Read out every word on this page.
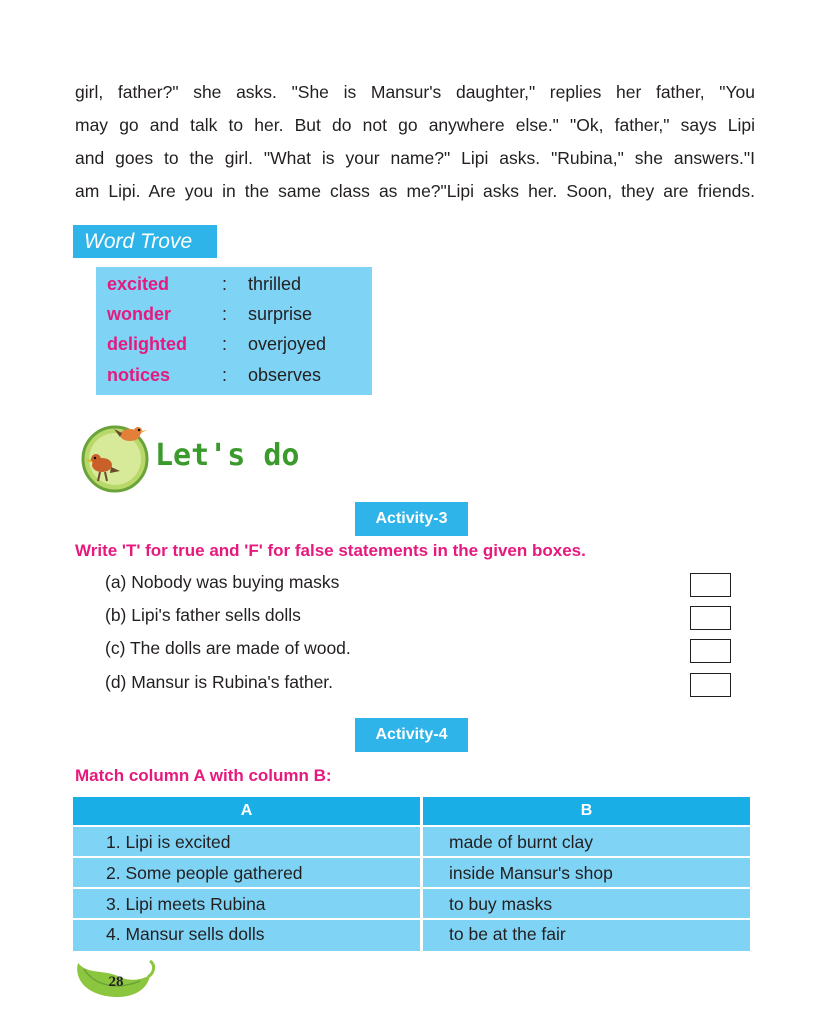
girl, father?" she asks. "She is Mansur's daughter," replies her father, "You
may go and talk to her. But do not go anywhere else." "Ok, father," says Lipi
and goes to the girl. "What is your name?" Lipi asks. "Rubina," she answers."I
am Lipi. Are you in the same class as me?"Lipi asks her. Soon, they are friends.
Word Trove
excited	: thrilled
wonder	: surprise
delighted : overjoyed
notices	: observes
Let's do
Activity-3
Write 'T' for true and 'F' for false statements in the given boxes.
(a) Nobody was buying masks
(b) Lipi's father sells dolls
(c) The dolls are made of wood.
(d) Mansur is Rubina's father.
Activity-4
Match column A with column B:
A	B
1. Lipi is excited	made of burnt clay
2. Some people gathered	inside Mansur's shop
3. Lipi meets Rubina	to buy masks
4. Mansur sells dolls	to be at the fair
28
